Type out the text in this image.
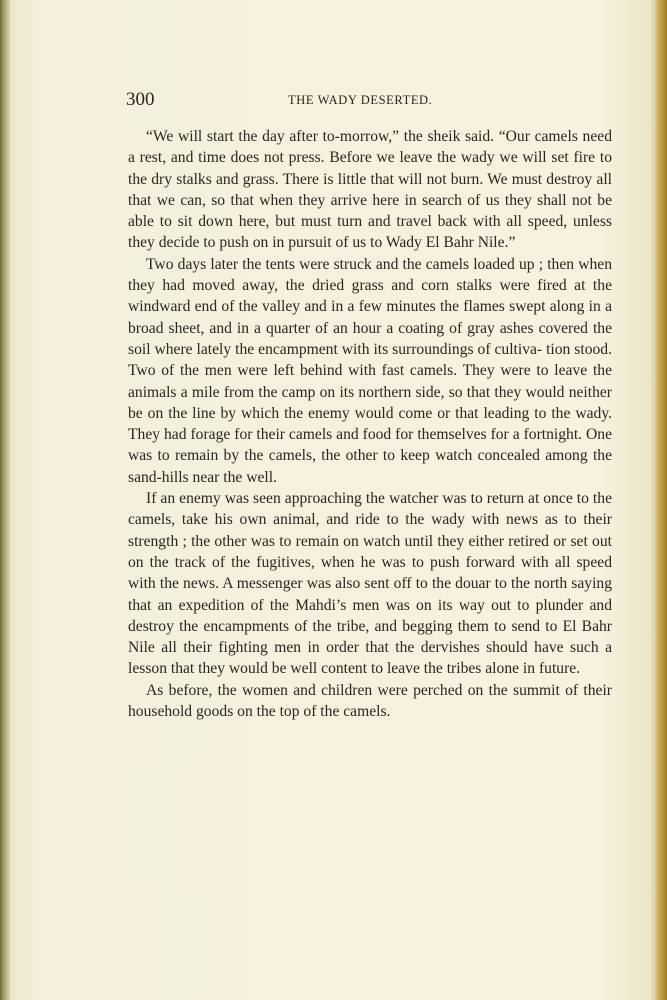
300	THE WADY DESERTED.

“We will start the day after to-morrow,” the sheik said. “Our camels need a rest, and time does not press. Before we leave the wady we will set fire to the dry stalks and grass. There is little that will not burn. We must destroy all that we can, so that when they arrive here in search of us they shall not be able to sit down here, but must turn and travel back with all speed, unless they decide to push on in pursuit of us to Wady El Bahr Nile.”

Two days later the tents were struck and the camels loaded up ; then when they had moved away, the dried grass and corn stalks were fired at the windward end of the valley and in a few minutes the flames swept along in a broad sheet, and in a quarter of an hour a coating of gray ashes covered the soil where lately the encampment with its surroundings of cultiva- tion stood. Two of the men were left behind with fast camels. They were to leave the animals a mile from the camp on its northern side, so that they would neither be on the line by which the enemy would come or that leading to the wady. They had forage for their camels and food for themselves for a fortnight. One was to remain by the camels, the other to keep watch concealed among the sand-hills near the well.

If an enemy was seen approaching the watcher was to return at once to the camels, take his own animal, and ride to the wady with news as to their strength ; the other was to remain on watch until they either retired or set out on the track of the fugitives, when he was to push forward with all speed with the news. A messenger was also sent off to the douar to the north saying that an expedition of the Mahdi’s men was on its way out to plunder and destroy the encampments of the tribe, and begging them to send to El Bahr Nile all their fighting men in order that the dervishes should have such a lesson that they would be well content to leave the tribes alone in future.

As before, the women and children were perched on the summit of their household goods on the top of the camels.
